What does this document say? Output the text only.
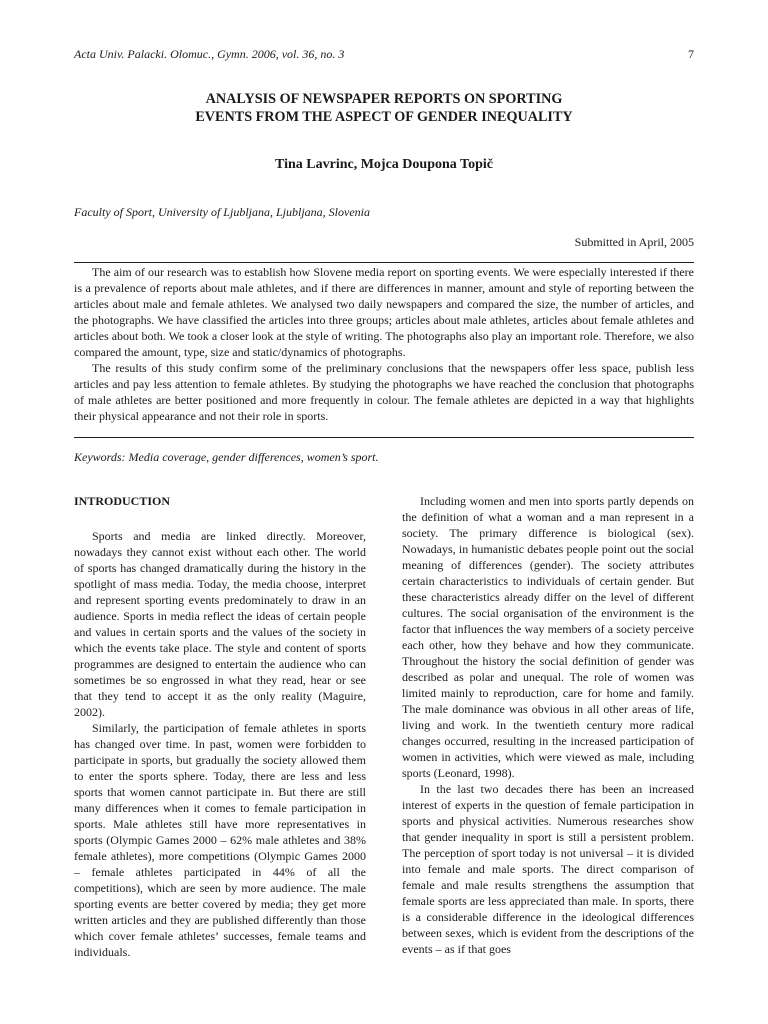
Acta Univ. Palacki. Olomuc., Gymn. 2006, vol. 36, no. 3	7
ANALYSIS OF NEWSPAPER REPORTS ON SPORTING
EVENTS FROM THE ASPECT OF GENDER INEQUALITY
Tina Lavrinc, Mojca Doupona Topič
Faculty of Sport, University of Ljubljana, Ljubljana, Slovenia
Submitted in April, 2005

The aim of our research was to establish how Slovene media report on sporting events. We were especially interested if there is a prevalence of reports about male athletes, and if there are differences in manner, amount and style of reporting between the articles about male and female athletes. We analysed two daily newspapers and compared the size, the number of articles, and the photographs. We have classified the articles into three groups; articles about male athletes, articles about female athletes and articles about both. We took a closer look at the style of writing. The photographs also play an important role. Therefore, we also compared the amount, type, size and static/dynamics of photographs.

The results of this study confirm some of the preliminary conclusions that the newspapers offer less space, publish less articles and pay less attention to female athletes. By studying the photographs we have reached the conclusion that photographs of male athletes are better positioned and more frequently in colour. The female athletes are depicted in a way that highlights their physical appearance and not their role in sports.

Keywords: Media coverage, gender differences, women’s sport.
INTRODUCTION

Sports and media are linked directly. Moreover, nowadays they cannot exist without each other. The world of sports has changed dramatically during the history in the spotlight of mass media. Today, the media choose, interpret and represent sporting events predominately to draw in an audience. Sports in media reflect the ideas of certain people and values in certain sports and the values of the society in which the events take place. The style and content of sports programmes are designed to entertain the audience who can sometimes be so engrossed in what they read, hear or see that they tend to accept it as the only reality (Maguire, 2002).

Similarly, the participation of female athletes in sports has changed over time. In past, women were forbidden to participate in sports, but gradually the society allowed them to enter the sports sphere. Today, there are less and less sports that women cannot participate in. But there are still many differences when it comes to female participation in sports. Male athletes still have more representatives in sports (Olympic Games 2000 – 62% male athletes and 38% female athletes), more competitions (Olympic Games 2000 – female athletes participated in 44% of all the competitions), which are seen by more audience. The male sporting events are better covered by media; they get more written articles and they are published differently than those which cover female athletes’ successes, female teams and individuals.

Including women and men into sports partly depends on the definition of what a woman and a man represent in a society. The primary difference is biological (sex). Nowadays, in humanistic debates people point out the social meaning of differences (gender). The society attributes certain characteristics to individuals of certain gender. But these characteristics already differ on the level of different cultures. The social organisation of the environment is the factor that influences the way members of a society perceive each other, how they behave and how they communicate. Throughout the history the social definition of gender was described as polar and unequal. The role of women was limited mainly to reproduction, care for home and family. The male dominance was obvious in all other areas of life, living and work. In the twentieth century more radical changes occurred, resulting in the increased participation of women in activities, which were viewed as male, including sports (Leonard, 1998).

In the last two decades there has been an increased interest of experts in the question of female participation in sports and physical activities. Numerous researches show that gender inequality in sport is still a persistent problem. The perception of sport today is not universal – it is divided into female and male sports. The direct comparison of female and male results strengthens the assumption that female sports are less appreciated than male. In sports, there is a considerable difference in the ideological differences between sexes, which is evident from the descriptions of the events – as if that goes
